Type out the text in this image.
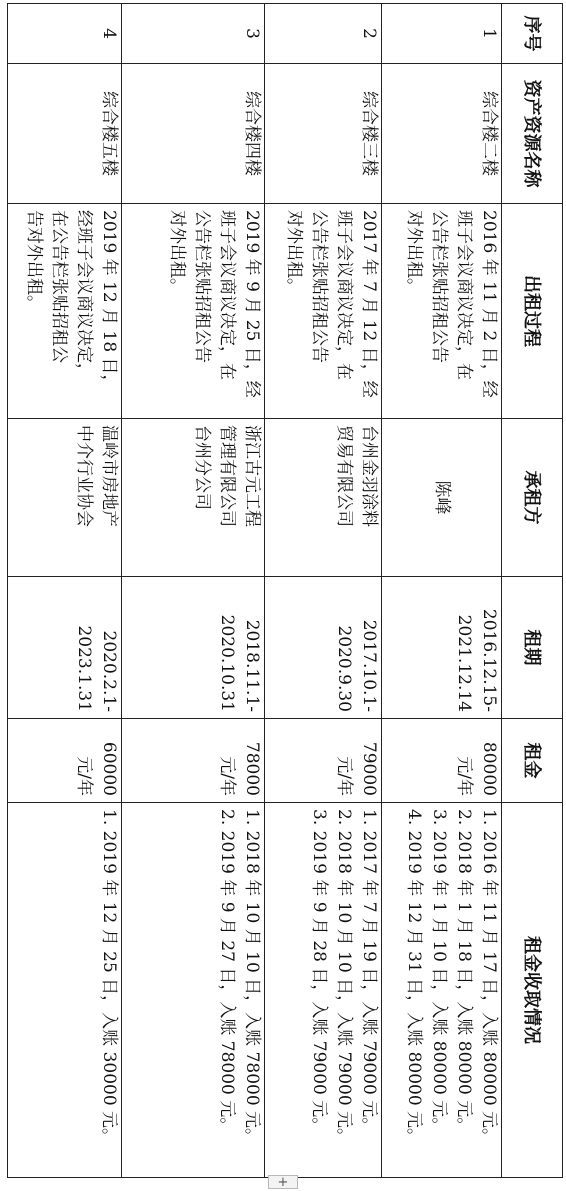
序号	资产资源名称	出租过程	承租方	租期	租金	租金收取情况
1	综合楼二楼	2016 年 11 月 2 日，经
班子会议商议决定，在
公告栏张贴招租公告
对外出租。	陈峰	2016.12.15-
2021.12.14	80000
元/年	1. 2016 年 11 月 17 日，入账 80000 元。
2. 2018 年 1 月 18 日，入账 80000 元。
3. 2019 年 1 月 10 日，入账 80000 元。
4. 2019 年 12 月 31 日，入账 80000 元。

2	综合楼三楼	2017 年 7 月 12 日，经
班子会议商议决定，在
公告栏张贴招租公告
对外出租。	台州金羽涂料
贸易有限公司	2017.10.1-
2020.9.30	79000
元/年	1. 2017 年 7 月 19 日，入账 79000 元。
2. 2018 年 10 月 10 日，入账 79000 元。
3. 2019 年 9 月 28 日，入账 79000 元。

3	综合楼四楼	2019 年 9 月 25 日，经
班子会议商议决定，在
公告栏张贴招租公告
对外出租。	浙江古元工程
管理有限公司
台州分公司	2018.11.1-
2020.10.31	78000
元/年	1. 2018 年 10 月 10 日，入账 78000 元。
2. 2019 年 9 月 27 日，入账 78000 元。

4	综合楼五楼	2019 年 12 月 18 日，
经班子会议商议决定，
在公告栏张贴招租公
告对外出租。	温岭市房地产
中介行业协会	2020.2.1-
2023.1.31	60000
元/年	1. 2019 年 12 月 25 日，入账 30000 元。
+
